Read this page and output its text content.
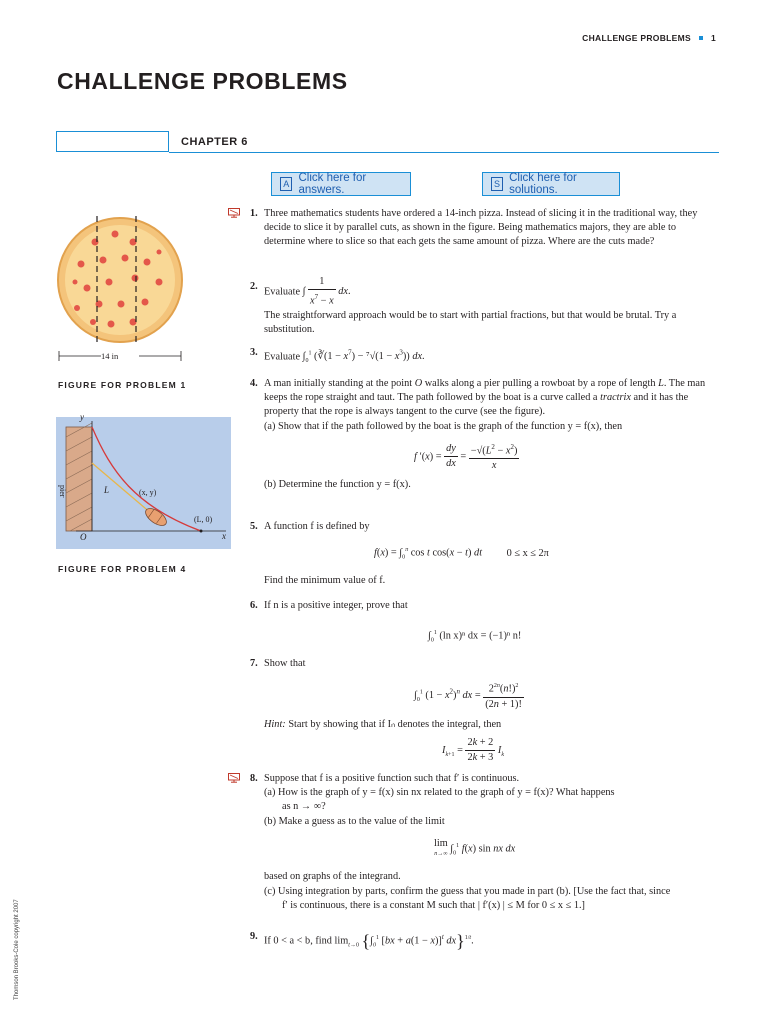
CHALLENGE PROBLEMS 1
CHALLENGE PROBLEMS
CHAPTER 6
A Click here for answers.	S Click here for solutions.
14 in
FIGURE FOR PROBLEM 1
y
x
O
pier	L	(x, y)
(L, 0)
FIGURE FOR PROBLEM 4
1. Three mathematics students have ordered a 14-inch pizza. Instead of slicing it in the traditional way, they decide to slice it by parallel cuts, as shown in the figure. Being mathematics majors, they are able to determine where to slice so that each gets the same amount of pizza. Where are the cuts made?
2. Evaluate ∫ $\frac{1}{x^7 - x}$ dx.
The straightforward approach would be to start with partial fractions, but that would be brutal. Try a substitution.
3. Evaluate $\int_0^1$ (∛(1 − $x^7) - ^7√(1 - x^3)$) dx.
4. A man initially standing at the point O walks along a pier pulling a rowboat by a rope of length L. The man keeps the rope straight and taut. The path followed by the boat is a curve called a tractrix and it has the property that the rope is always tangent to the curve (see the figure).
(a) Show that if the path followed by the boat is the graph of the function y = f(x), then
f $'(x) = \frac{dy}{dx} = \frac{-√(L^2 - x^2)}{x}$
(b) Determine the function y = f(x).
5. A function f is defined by
$f(x) = \int_0^\pi$ cos t cos(x − t) dt 0 ≤ x ≤ 2π
Find the minimum value of f.
6. If n is a positive integer, prove that
$\int_0^1$ (ln x)ⁿ dx = (−1)ⁿ n!
7. Show that
$\int_0^1$ $(1 - x^2)^n$ dx = $\frac{2^{2n}(n!)^2}{(2n + 1)!}$
Hint: Start by showing that if Iₙ denotes the integral, then
$I_{k+1} = \frac{2k + 2}{2k + 3} I_k$
8. Suppose that f is a positive function such that f′ is continuous.
(a) How is the graph of y = f(x) sin nx related to the graph of y = f(x)? What happens
as n → ∞?
(b) Make a guess as to the value of the limit
lim
n→∞ $\int_0^1$ f(x) sin nx dx
based on graphs of the integrand.
(c) Using integration by parts, confirm the guess that you made in part (b). [Use the fact that, since
f′ is continuous, there is a constant M such that | f′(x) | ≤ M for 0 ≤ x ≤ 1.]
9. If 0 < a < b, find $\lim_{t\to 0} \{\int_0^1$ [bx + a(1 − x)]$^t$ dx}$^{1/t}$.
Thomson Brooks-Cole copyright 2007
